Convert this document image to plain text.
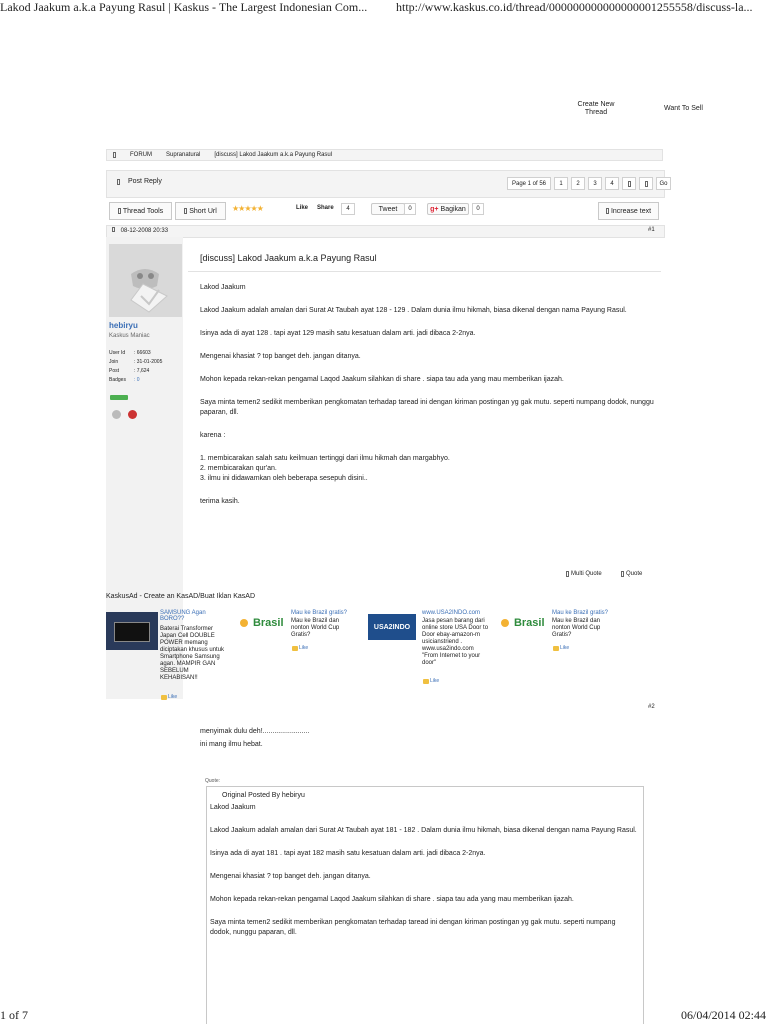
Lakod Jaakum a.k.a Payung Rasul | Kaskus - The Largest Indonesian Com... http://www.kaskus.co.id/thread/000000000000000001255558/discuss-la...
Create New Thread
Want To Sell
FORUM Supranatural [discuss] Lakod Jaakum a.k.a Payung Rasul
Post Reply	Page 1 of 56	1	2	3	4	Go
Thread Tools	Short Url ★★★★★	Like Share	4	Tweet	0	g+ Bagikan	0	Increase text
08-12-2008 20:33	#1
hebiryu
Kaskus Maniac
User Id : 66603
Join	: 31-01-2005
Post	: 7,624
Badges : 0
[discuss] Lakod Jaakum a.k.a Payung Rasul

Lakod Jaakum

Lakod Jaakum adalah amalan dari Surat At Taubah ayat 128 - 129 . Dalam dunia ilmu hikmah, biasa dikenal dengan nama Payung Rasul.

Isinya ada di ayat 128 . tapi ayat 129 masih satu kesatuan dalam arti. jadi dibaca 2-2nya.

Mengenai khasiat ? top banget deh. jangan ditanya.

Mohon kepada rekan-rekan pengamal Laqod Jaakum silahkan di share . siapa tau ada yang mau memberikan ijazah.

Saya minta temen2 sedikit memberikan pengkomatan terhadap taread ini dengan kiriman postingan yg gak mutu. seperti numpang dodok, nunggu paparan, dll.

karena :

1. membicarakan salah satu keilmuan tertinggi dari ilmu hikmah dan margabhyo.
2. membicarakan qur'an.
3. ilmu ini didawamkan oleh beberapa sesepuh disini..

terima kasih.

Multi Quote	Quote
KaskusAd - Create an KasAD/Buat Iklan KasAD
SAMSUNG Agan BORO??
Baterai Transformer Japan Cell DOUBLE POWER memang diciptakan khusus untuk Smartphone Samsung agan. MAMPIR GAN SEBELUM KEHABISAN!!
Like
Brasil
Mau ke Brazil gratis?
Mau ke Brazil dan nonton World Cup Gratis?
Like
USA2INDO
www.USA2INDO.com
Jasa pesan barang dari online store USA Door to Door ebay-amazon-m usicianstriend . www.usa2indo.com "From Internet to your door"
Like
Brasil
Mau ke Brazil gratis?
Mau ke Brazil dan nonton World Cup Gratis?
Like
#2
menyimak dulu deh!........................
ini mang ilmu hebat.
Quote:
Original Posted By hebiryu

Lakod Jaakum

Lakod Jaakum adalah amalan dari Surat At Taubah ayat 181 - 182 . Dalam dunia ilmu hikmah, biasa dikenal dengan nama Payung Rasul.

Isinya ada di ayat 181 . tapi ayat 182 masih satu kesatuan dalam arti. jadi dibaca 2-2nya.

Mengenai khasiat ? top banget deh. jangan ditanya.

Mohon kepada rekan-rekan pengamal Laqod Jaakum silahkan di share . siapa tau ada yang mau memberikan ijazah.

Saya minta temen2 sedikit memberikan pengkomatan terhadap taread ini dengan kiriman postingan yg gak mutu. seperti numpang dodok, nunggu paparan, dll.

1 of 7	06/04/2014 02:44
